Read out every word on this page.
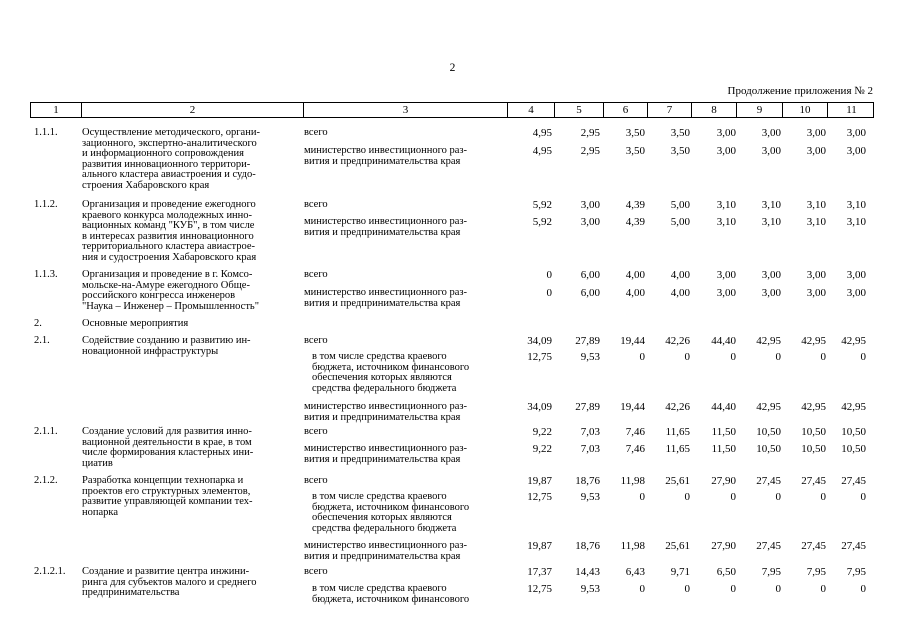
2
Продолжение приложения № 2
1	2	3	4	5	6	7	8	9	10	11
1.1.1. Осуществление методического, органи-
зационного, экспертно-аналитического
и информационного сопровождения
развития инновационного территори-
ального кластера авиастроения и судо-
строения Хабаровского края
всего	4,95	2,95	3,50	3,50	3,00	3,00	3,00	3,00
министерство инвестиционного раз-
вития и предпринимательства края
4,95	2,95	3,50	3,50	3,00	3,00	3,00	3,00
1.1.2. Организация и проведение ежегодного
краевого конкурса молодежных инно-
вационных команд "КУБ", в том числе
в интересах развития инновационного
территориального кластера авиастрое-
ния и судостроения Хабаровского края
всего	5,92	3,00	4,39	5,00	3,10	3,10	3,10	3,10
министерство инвестиционного раз-
вития и предпринимательства края
5,92	3,00	4,39	5,00	3,10	3,10	3,10	3,10
1.1.3. Организация и проведение в г. Комсо-
мольске-на-Амуре ежегодного Обще-
российского конгресса инженеров
"Наука – Инженер – Промышленность"
всего	0	6,00	4,00	4,00	3,00	3,00	3,00	3,00
министерство инвестиционного раз-
вития и предпринимательства края
0	6,00	4,00	4,00	3,00	3,00	3,00	3,00
2.	Основные мероприятия
2.1.	Содействие созданию и развитию ин-
новационной инфраструктуры
всего	34,09	27,89	19,44	42,26	44,40	42,95	42,95	42,95
в том числе средства краевого
бюджета, источником финансового
обеспечения которых являются
средства федерального бюджета
12,75	9,53	0	0	0	0	0	0
министерство инвестиционного раз-
вития и предпринимательства края
34,09	27,89	19,44	42,26	44,40	42,95	42,95	42,95
2.1.1. Создание условий для развития инно-
вационной деятельности в крае, в том
числе формирования кластерных ини-
циатив
всего	9,22	7,03	7,46	11,65	11,50	10,50	10,50	10,50
министерство инвестиционного раз-
вития и предпринимательства края
9,22	7,03	7,46	11,65	11,50	10,50	10,50	10,50
2.1.2. Разработка концепции технопарка и
проектов его структурных элементов,
развитие управляющей компании тех-
нопарка
всего	19,87	18,76	11,98	25,61	27,90	27,45	27,45	27,45
в том числе средства краевого
бюджета, источником финансового
обеспечения которых являются
средства федерального бюджета
12,75	9,53	0	0	0	0	0	0
министерство инвестиционного раз-
вития и предпринимательства края
19,87	18,76	11,98	25,61	27,90	27,45	27,45	27,45
2.1.2.1. Создание и развитие центра инжини-
ринга для субъектов малого и среднего
предпринимательства
всего	17,37	14,43	6,43	9,71	6,50	7,95	7,95	7,95
в том числе средства краевого
бюджета, источником финансового
12,75	9,53	0	0	0	0	0	0
